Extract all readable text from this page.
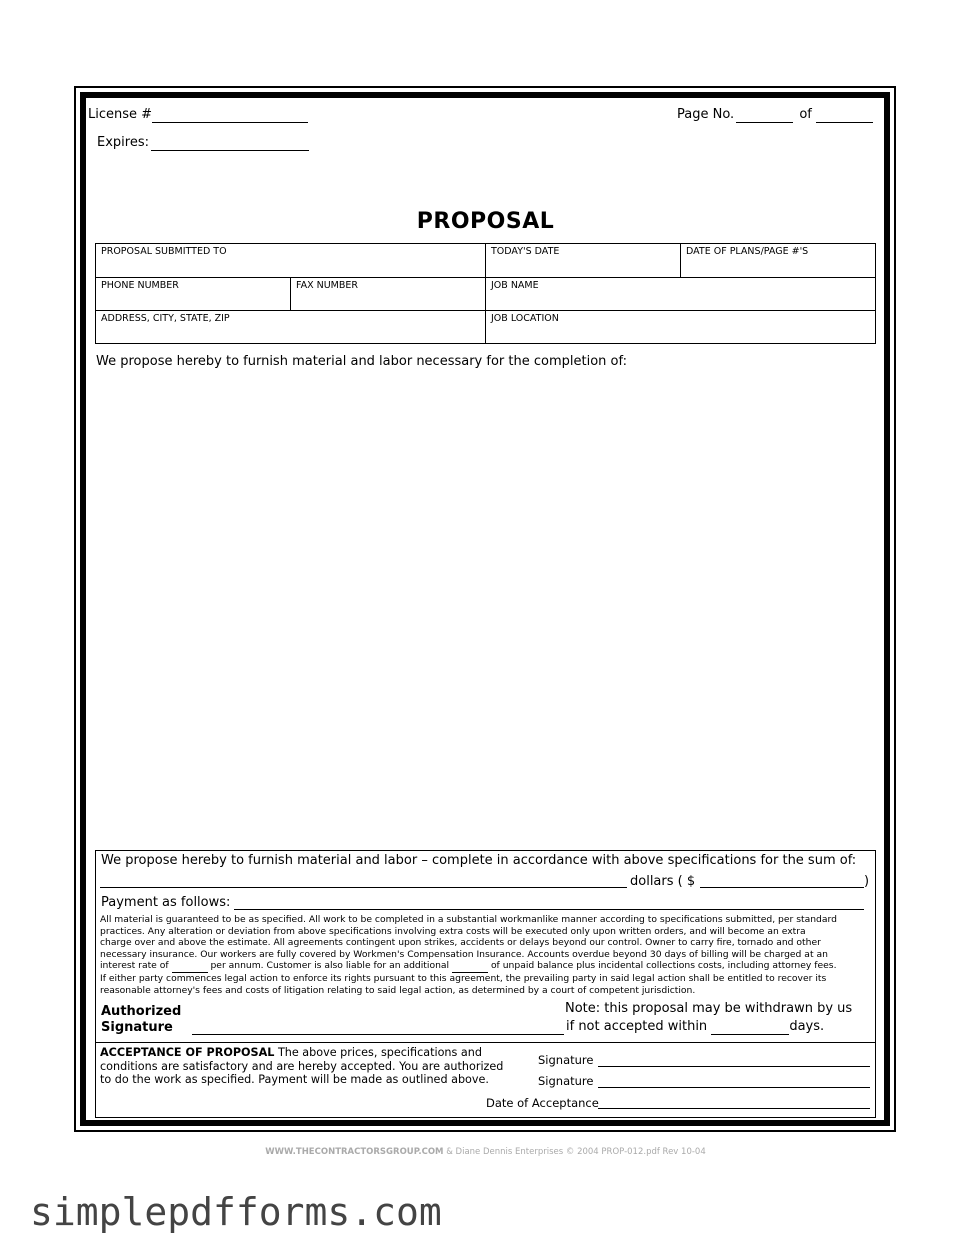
License #
Expires:
Page No.	of
PROPOSAL
PROPOSAL SUBMITTED TO	TODAY'S DATE	DATE OF PLANS/PAGE #'S
PHONE NUMBER	FAX NUMBER	JOB NAME
ADDRESS, CITY, STATE, ZIP	JOB LOCATION
We propose hereby to furnish material and labor necessary for the completion of:
We propose hereby to furnish material and labor – complete in accordance with above specifications for the sum of:
dollars ( $	)
Payment as follows:
All material is guaranteed to be as specified. All work to be completed in a substantial workmanlike manner according to specifications submitted, per standard
practices. Any alteration or deviation from above specifications involving extra costs will be executed only upon written orders, and will become an extra
charge over and above the estimate. All agreements contingent upon strikes, accidents or delays beyond our control. Owner to carry fire, tornado and other
necessary insurance. Our workers are fully covered by Workmen's Compensation Insurance. Accounts overdue beyond 30 days of billing will be charged at an
interest rate of	per annum. Customer is also liable for an additional	of unpaid balance plus incidental collections costs, including attorney fees.
If either party commences legal action to enforce its rights pursuant to this agreement, the prevailing party in said legal action shall be entitled to recover its
reasonable attorney's fees and costs of litigation relating to said legal action, as determined by a court of competent jurisdiction.
Authorized
Signature
Note: this proposal may be withdrawn by us
if not accepted within	days.
ACCEPTANCE OF PROPOSAL The above prices, specifications and conditions are satisfactory and are hereby accepted. You are authorized to do the work as specified. Payment will be made as outlined above.
Signature
Signature
Date of Acceptance
WWW.THECONTRACTORSGROUP.COM & Diane Dennis Enterprises © 2004 PROP-012.pdf Rev 10-04
simplepdfforms.com
